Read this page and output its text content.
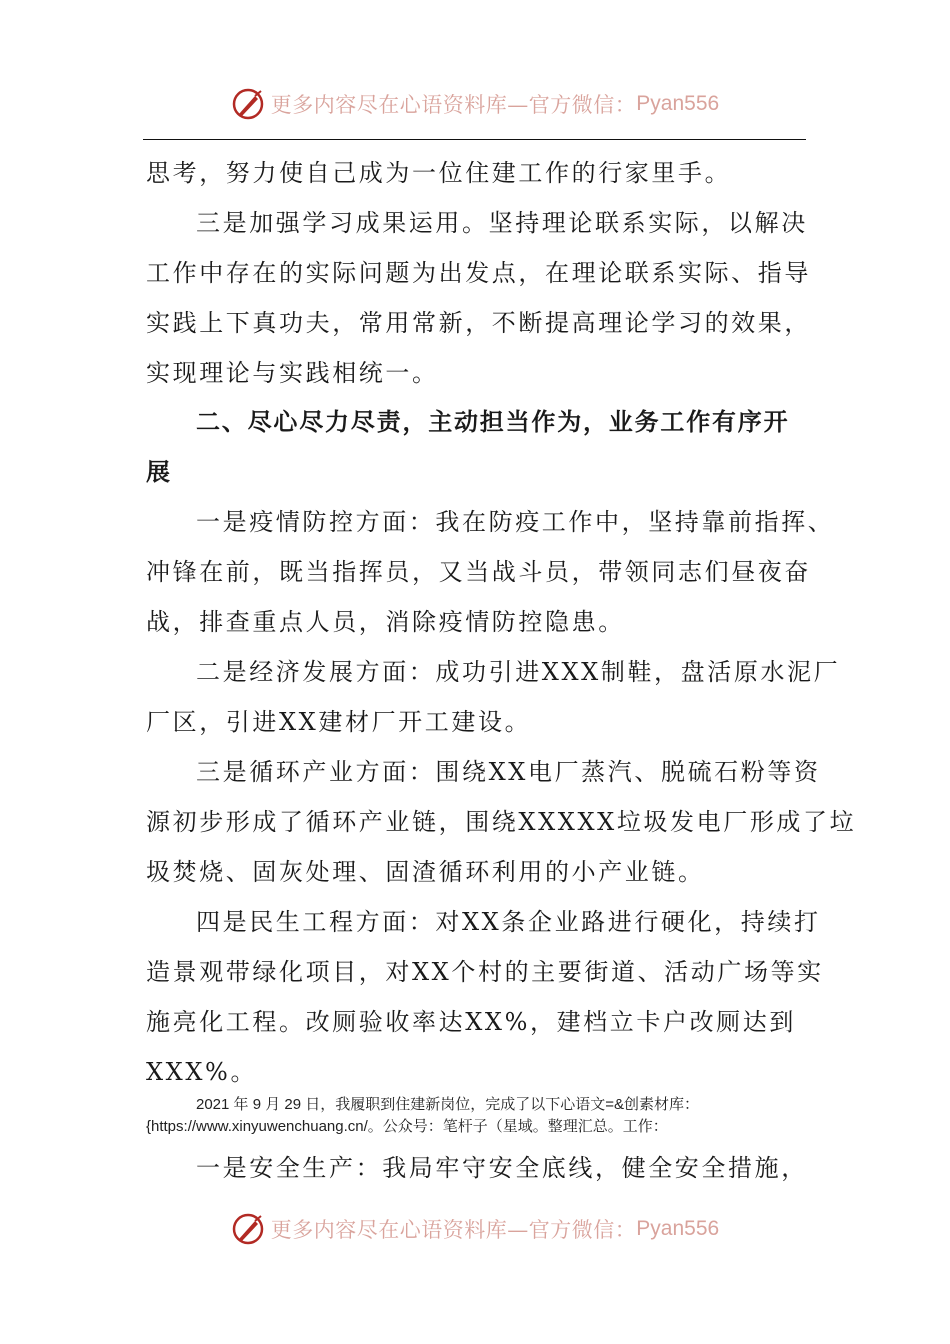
更多内容尽在心语资料库—官方微信： Pyan556
思考，努力使自己成为一位住建工作的行家里手。
三是加强学习成果运用。坚持理论联系实际，以解决
工作中存在的实际问题为出发点，在理论联系实际、指导
实践上下真功夫，常用常新，不断提高理论学习的效果，
实现理论与实践相统一。
二、尽心尽力尽责，主动担当作为，业务工作有序开
展
一是疫情防控方面：我在防疫工作中，坚持靠前指挥、
冲锋在前，既当指挥员，又当战斗员，带领同志们昼夜奋
战，排查重点人员，消除疫情防控隐患。
二是经济发展方面：成功引进XXX制鞋，盘活原水泥厂
厂区，引进XX建材厂开工建设。
三是循环产业方面：围绕XX电厂蒸汽、脱硫石粉等资
源初步形成了循环产业链，围绕XXXXX垃圾发电厂形成了垃
圾焚烧、固灰处理、固渣循环利用的小产业链。
四是民生工程方面：对XX条企业路进行硬化，持续打
造景观带绿化项目，对XX个村的主要街道、活动广场等实
施亮化工程。改厕验收率达XX%，建档立卡户改厕达到
XXX%。
2021 年 9 月 29 日，我履职到住建新岗位，完成了以下心语文=&创素材库：
{https://www.xinyuwenchuang.cn/。公众号：笔杆子（星域。整理汇总。工作：
一是安全生产：我局牢守安全底线，健全安全措施，
更多内容尽在心语资料库—官方微信： Pyan556
